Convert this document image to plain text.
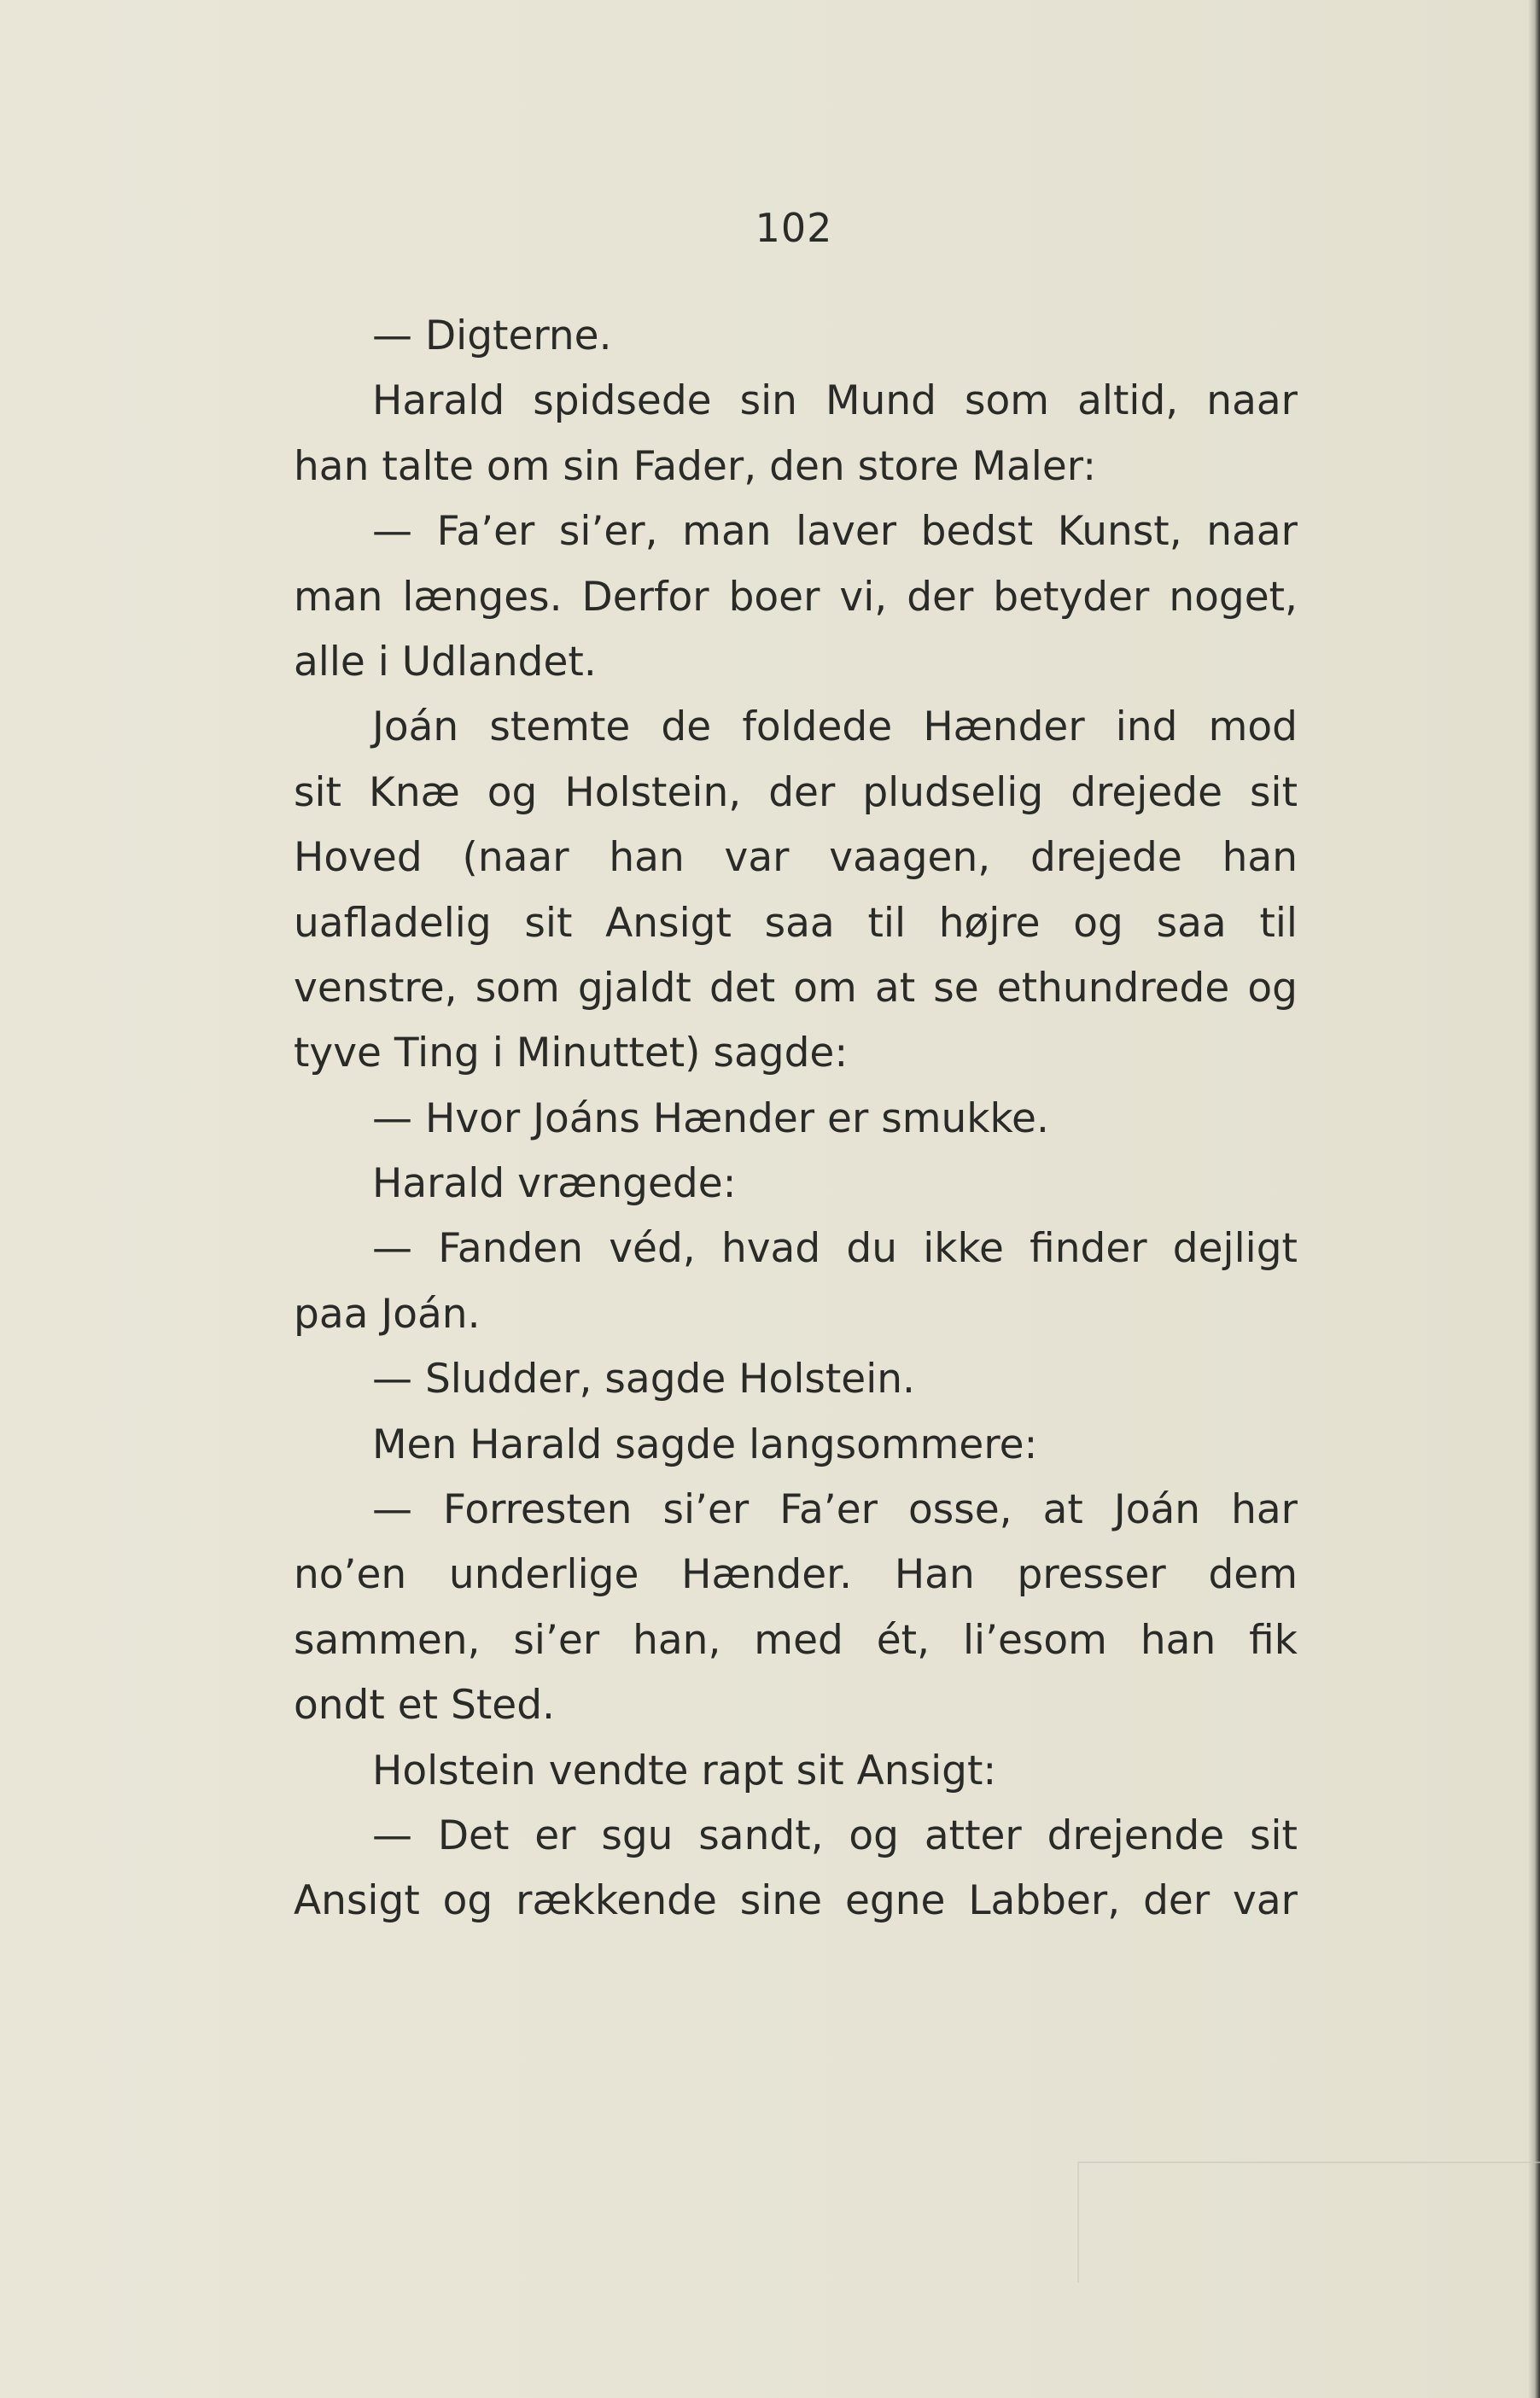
102
— Digterne.
Harald spidsede sin Mund som altid, naar
han talte om sin Fader, den store Maler:
— Fa’er si’er, man laver bedst Kunst, naar
man længes. Derfor boer vi, der betyder noget,
alle i Udlandet.
Joán stemte de foldede Hænder ind mod
sit Knæ og Holstein, der pludselig drejede sit
Hoved (naar han var vaagen, drejede han
uafladelig sit Ansigt saa til højre og saa til
venstre, som gjaldt det om at se ethundrede og
tyve Ting i Minuttet) sagde:
— Hvor Joáns Hænder er smukke.
Harald vrængede:
— Fanden véd, hvad du ikke finder dejligt
paa Joán.
— Sludder, sagde Holstein.
Men Harald sagde langsommere:
— Forresten si’er Fa’er osse, at Joán har
no’en underlige Hænder. Han presser dem
sammen, si’er han, med ét, li’esom han fik
ondt et Sted.
Holstein vendte rapt sit Ansigt:
— Det er sgu sandt, og atter drejende sit
Ansigt og rækkende sine egne Labber, der var
